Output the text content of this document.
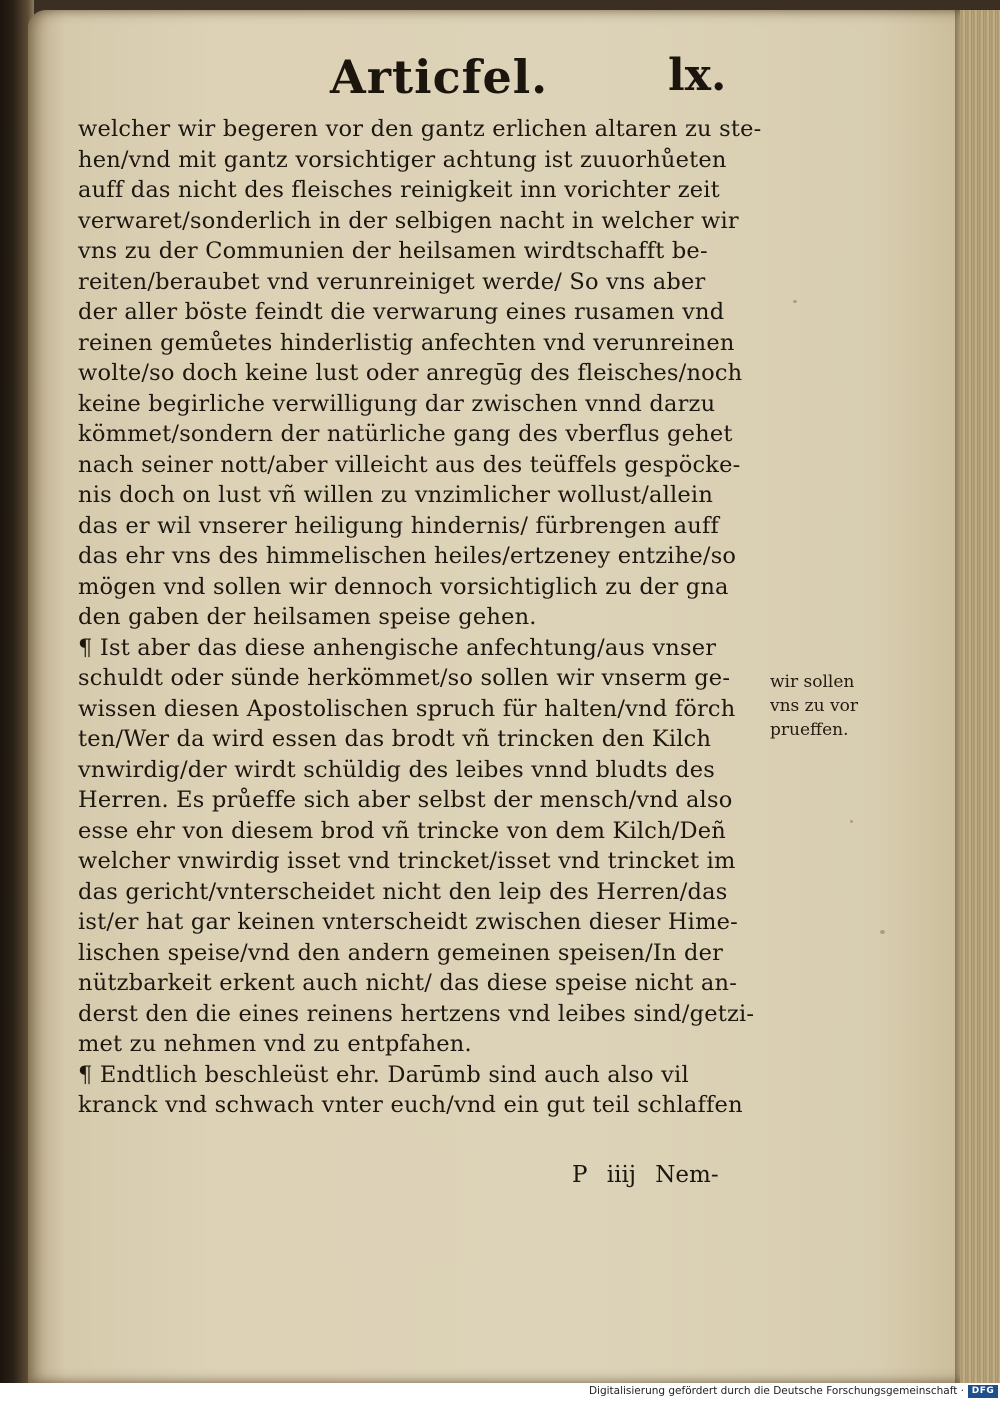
Articfel.	lx.
welcher wir begeren vor den gantz erlichen altaren zu ste-
hen/vnd mit gantz vorsichtiger achtung ist zuuorhůeten
auff das nicht des fleisches reinigkeit inn vorichter zeit
verwaret/sonderlich in der selbigen nacht in welcher wir
vns zu der Communien der heilsamen wirdtschafft be-
reiten/beraubet vnd verunreiniget werde/ So vns aber
der aller böste feindt die verwarung eines rusamen vnd
reinen gemůetes hinderlistig anfechten vnd verunreinen
wolte/so doch keine lust oder anregūg des fleisches/noch
keine begirliche verwilligung dar zwischen vnnd darzu
kömmet/sondern der natürliche gang des vberflus gehet
nach seiner nott/aber villeicht aus des teüffels gespöcke-
nis doch on lust vñ willen zu vnzimlicher wollust/allein
das er wil vnserer heiligung hindernis/ fürbrengen auff
das ehr vns des himmelischen heiles/ertzeney entzihe/so
mögen vnd sollen wir dennoch vorsichtiglich zu der gna
den gaben der heilsamen speise gehen.
¶ Ist aber das diese anhengische anfechtung/aus vnser
schuldt oder sünde herkömmet/so sollen wir vnserm ge-
wissen diesen Apostolischen spruch für halten/vnd förch
ten/Wer da wird essen das brodt vñ trincken den Kilch
vnwirdig/der wirdt schüldig des leibes vnnd bludts des
Herren. Es průeffe sich aber selbst der mensch/vnd also
esse ehr von diesem brod vñ trincke von dem Kilch/Deñ
welcher vnwirdig isset vnd trincket/isset vnd trincket im
das gericht/vnterscheidet nicht den leip des Herren/das
ist/er hat gar keinen vnterscheidt zwischen dieser Hime-
lischen speise/vnd den andern gemeinen speisen/In der
nützbarkeit erkent auch nicht/ das diese speise nicht an-
derst den die eines reinens hertzens vnd leibes sind/getzi-
met zu nehmen vnd zu entpfahen.
¶ Endtlich beschleüst ehr. Darūmb sind auch also vil
kranck vnd schwach vnter euch/vnd ein gut teil schlaffen
wir sollen
vns zu vor
prueffen.
P iiij Nem-
Digitalisierung gefördert durch die Deutsche Forschungsgemeinschaft · DFG
